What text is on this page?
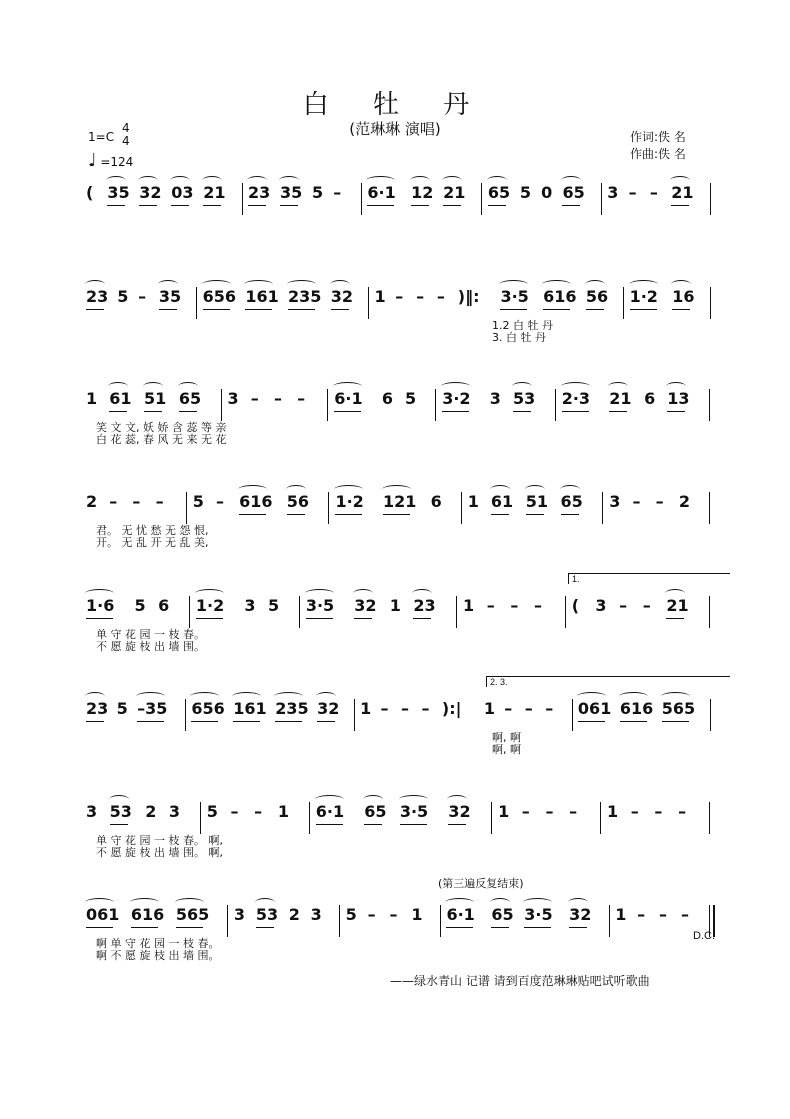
白 牡 丹
(范琳琳 演唱)
1=C
4
4
♩ =124
作词:佚 名
作曲:佚 名
( 35 32 03 21 23 35 5 – 6·1 12 21 65 5 0 65 3 – – 21
23 5 – 35 656 161 235 32 1 – – – )‖: 3·5 616 56 1·2 16
1.2 白 牡 丹
3. 白 牡 丹
1 61 51 65 3 – – – 6·1 6 5 3·2 3 53 2·3 21 6 13
笑 文 文, 妖 娇 含 蕊 等 亲
白 花 蕊, 春 风 无 来 无 花
2 – – – 5 – 616 56 1·2 121 6 1 61 51 65 3 – – 2
君。 无 忧 愁 无 怨 恨,
开。 无 乱 开 无 乱 美,
1·6 5 6 1·2 3 5 3·5 32 1 23 1 – – – ( 3 – – 21
单 守 花 园 一 枝 春。
不 愿 旋 枝 出 墙 围。
23 5 –35 656 161 235 32 1 – – – ):| 1 – – – 061 616 565
啊, 啊
啊, 啊
3 53 2 3 5 – – 1 6·1 65 3·5 32 1 – – – 1 – – –
单 守 花 园 一 枝 春。 啊,
不 愿 旋 枝 出 墙 围。 啊,
061 616 565 3 53 2 3 5 – – 1 6·1 65 3·5 32 1 – – –
啊 单 守 花 园 一 枝 春。
啊 不 愿 旋 枝 出 墙 围。
(第三遍反复结束)
D.C.
——绿水青山 记谱 请到百度范琳琳贴吧试听歌曲
1.
2. 3.
